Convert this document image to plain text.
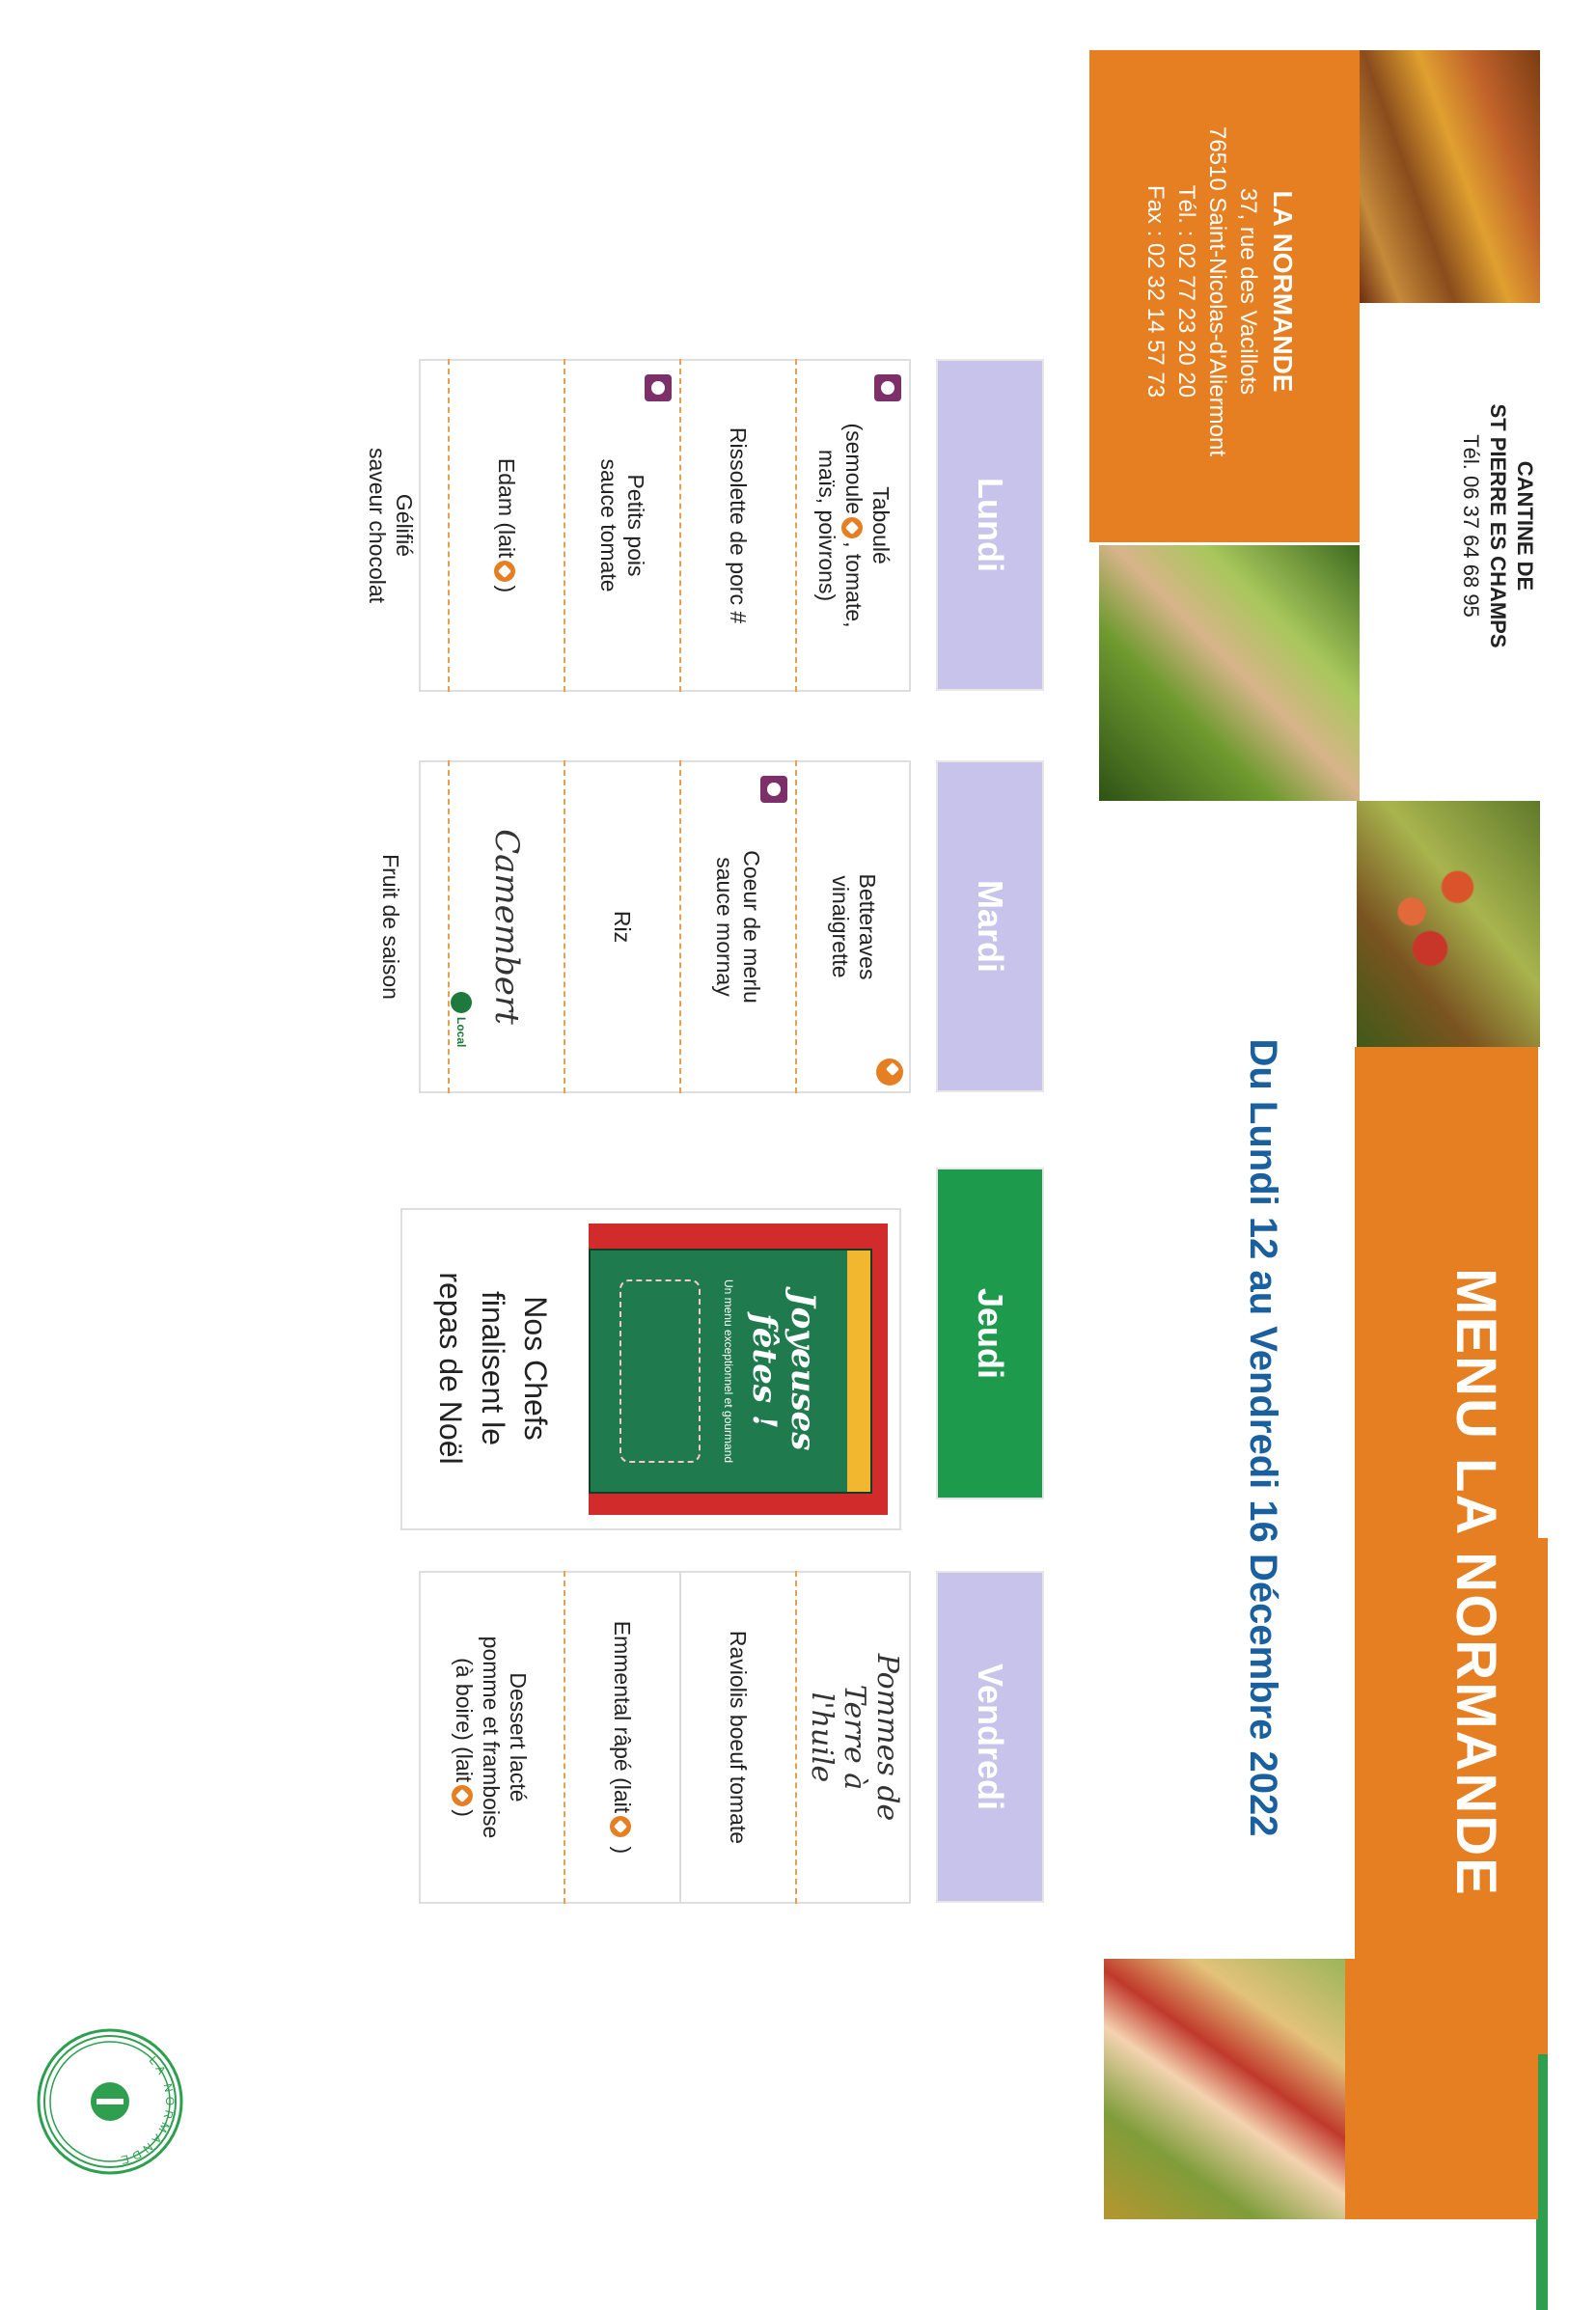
LA NORMANDE
37, rue des Vacillots
76510 Saint-Nicolas-d'Aliermont
Tél. : 02 77 23 20 20
Fax : 02 32 14 57 73
CANTINE DE
ST PIERRE ES CHAMPS
Tél. 06 37 64 68 95
MENU LA NORMANDE
Du Lundi 12 au Vendredi 16 Décembre 2022
Lundi
Mardi
Jeudi
Vendredi
Taboulé
(semoule, tomate,
maïs, poivrons)
Rissolette de porc #
Petits pois
sauce tomate
Edam (lait)
Gélifié
saveur chocolat
Betteraves
vinaigrette
Coeur de merlu
sauce mornay
Riz
Camembert
Local
Fruit de saison
Joyeuses fêtes !
Un menu exceptionnel et gourmand
Nos Chefs
finalisent le
repas de Noël
Pommes de
Terre à
l'huile
Raviolis boeuf tomate
Emmental râpé (lait )
Dessert lacté
pomme et framboise
(à boire) (lait)
LA NORMANDE
